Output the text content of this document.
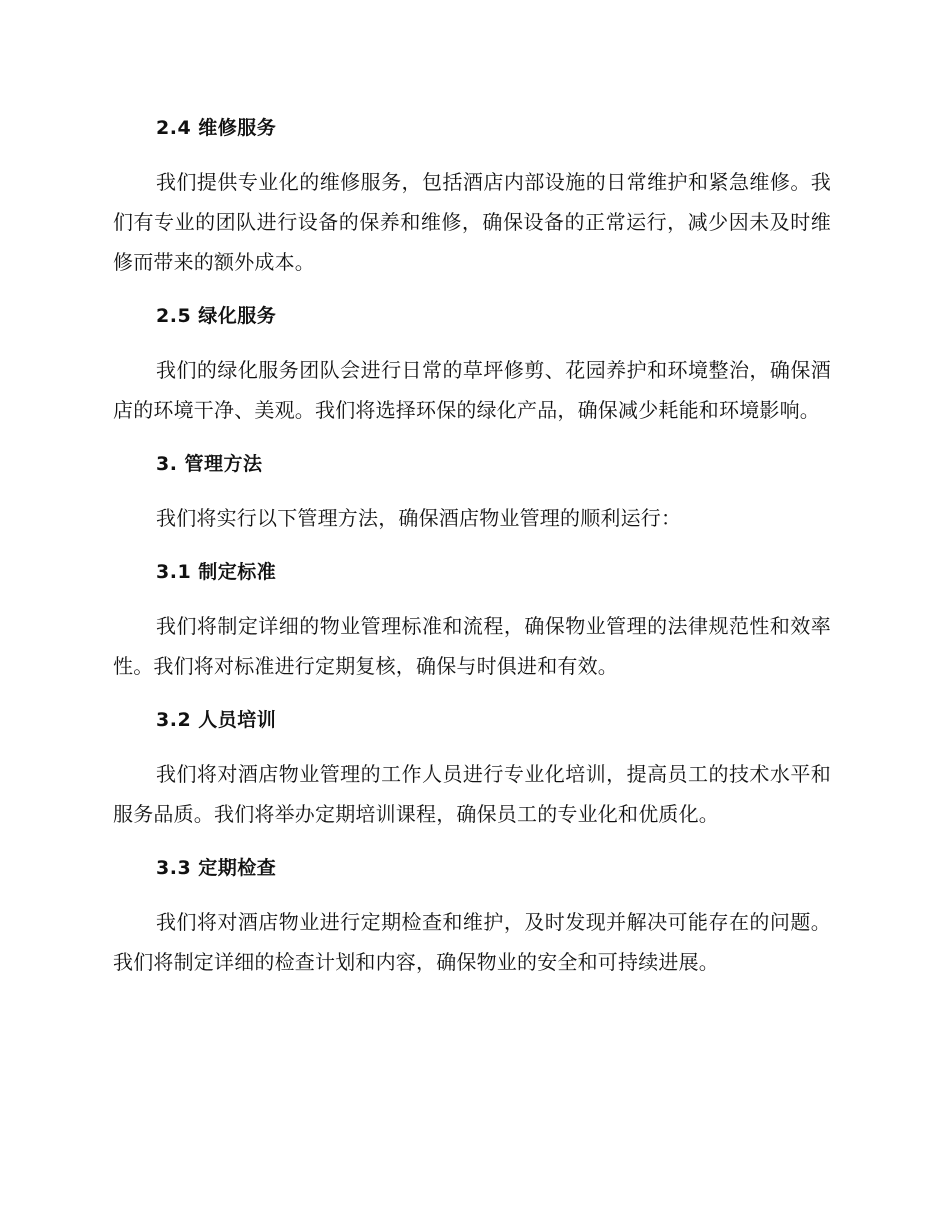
2.4 维修服务

我们提供专业化的维修服务，包括酒店内部设施的日常维护和紧急维修。我们有专业的团队进行设备的保养和维修，确保设备的正常运行，减少因未及时维修而带来的额外成本。

2.5 绿化服务

我们的绿化服务团队会进行日常的草坪修剪、花园养护和环境整治，确保酒店的环境干净、美观。我们将选择环保的绿化产品，确保减少耗能和环境影响。

3. 管理方法

我们将实行以下管理方法，确保酒店物业管理的顺利运行：

3.1 制定标准

我们将制定详细的物业管理标准和流程，确保物业管理的法律规范性和效率性。我们将对标准进行定期复核，确保与时俱进和有效。

3.2 人员培训

我们将对酒店物业管理的工作人员进行专业化培训，提高员工的技术水平和服务品质。我们将举办定期培训课程，确保员工的专业化和优质化。

3.3 定期检查

我们将对酒店物业进行定期检查和维护，及时发现并解决可能存在的问题。我们将制定详细的检查计划和内容，确保物业的安全和可持续进展。
